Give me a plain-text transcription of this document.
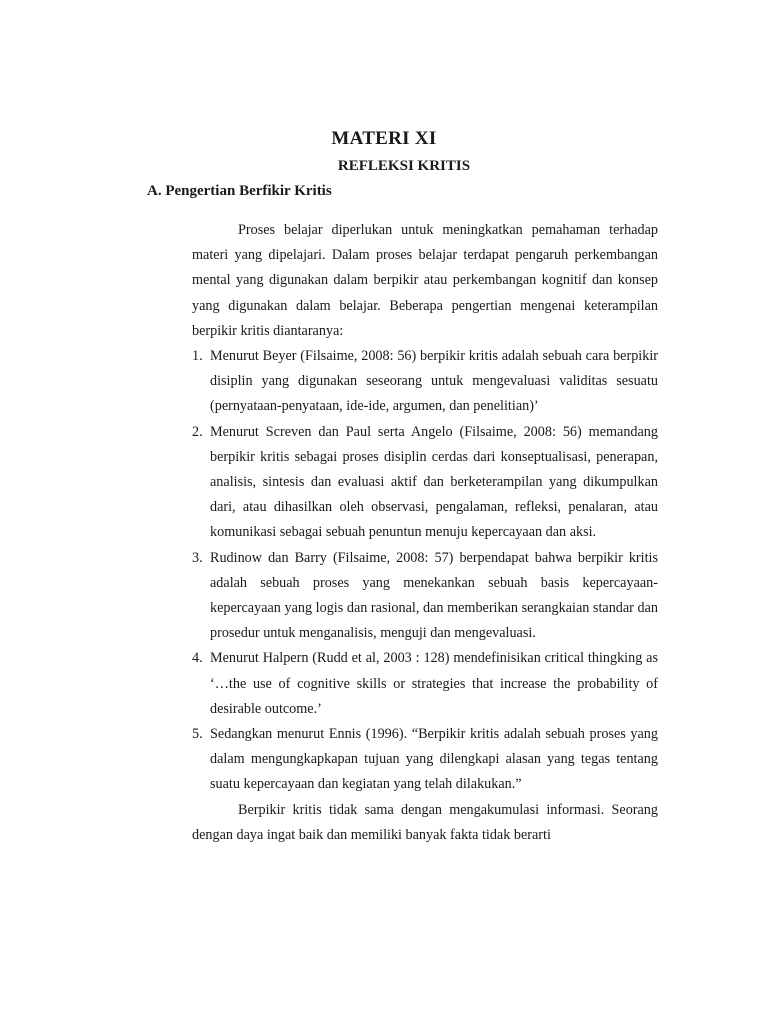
MATERI XI
REFLEKSI KRITIS
A. Pengertian Berfikir Kritis

Proses belajar diperlukan untuk meningkatkan pemahaman terhadap materi yang dipelajari. Dalam proses belajar terdapat pengaruh perkembangan mental yang digunakan dalam berpikir atau perkembangan kognitif dan konsep yang digunakan dalam belajar. Beberapa pengertian mengenai keterampilan berpikir kritis diantaranya:

1. Menurut Beyer (Filsaime, 2008: 56) berpikir kritis adalah sebuah cara berpikir disiplin yang digunakan seseorang untuk mengevaluasi validitas sesuatu (pernyataan-penyataan, ide-ide, argumen, dan penelitian)’
2. Menurut Screven dan Paul serta Angelo (Filsaime, 2008: 56) memandang berpikir kritis sebagai proses disiplin cerdas dari konseptualisasi, penerapan, analisis, sintesis dan evaluasi aktif dan berketerampilan yang dikumpulkan dari, atau dihasilkan oleh observasi, pengalaman, refleksi, penalaran, atau komunikasi sebagai sebuah penuntun menuju kepercayaan dan aksi.
3. Rudinow dan Barry (Filsaime, 2008: 57) berpendapat bahwa berpikir kritis adalah sebuah proses yang menekankan sebuah basis kepercayaan-kepercayaan yang logis dan rasional, dan memberikan serangkaian standar dan prosedur untuk menganalisis, menguji dan mengevaluasi.
4. Menurut Halpern (Rudd et al, 2003 : 128) mendefinisikan critical thingking as ‘…the use of cognitive skills or strategies that increase the probability of desirable outcome.’
5. Sedangkan menurut Ennis (1996). “Berpikir kritis adalah sebuah proses yang dalam mengungkapkapan tujuan yang dilengkapi alasan yang tegas tentang suatu kepercayaan dan kegiatan yang telah dilakukan.”

Berpikir kritis tidak sama dengan mengakumulasi informasi. Seorang dengan daya ingat baik dan memiliki banyak fakta tidak berarti
